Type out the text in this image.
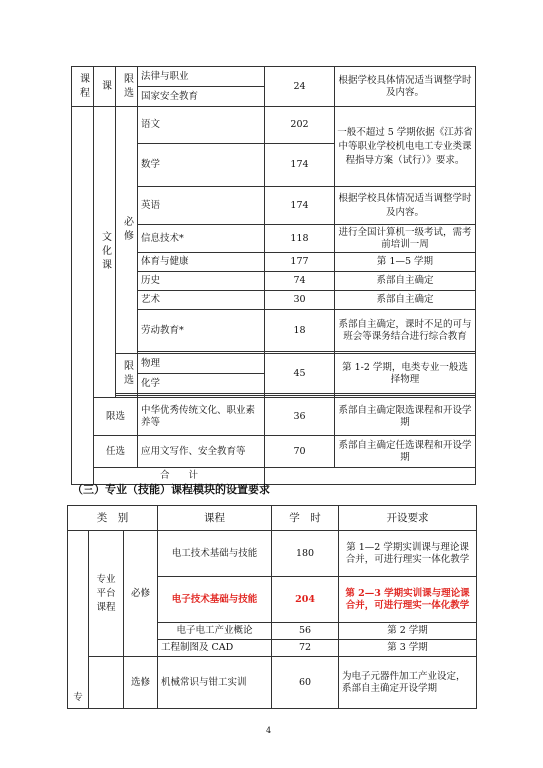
课程	课	限选	法律与职业	24	根据学校具体情况适当调整学时及内容。	
			国家安全教育			
	文化课	必修	语文	202	一般不超过 5 学期依据《江苏省中等职业学校机电电工专业类课程指导方案（试行）》要求。	
			数学	174		
			英语	174	根据学校具体情况适当调整学时及内容。	
			信息技术*	118	进行全国计算机一级考试，需考前培训一周	
			体育与健康	177	第 1—5 学期	
			历史	74	系部自主确定	
			艺术	30	系部自主确定	
			劳动教育*	18	系部自主确定，课时不足的可与班会等课务结合进行综合教育	

		限选	物理	45	第 1-2 学期，电类专业一般选择物理	
			化学			

	限选		中华优秀传统文化、职业素养等	36	系部自主确定限选课程和开设学期	
	任选		应用文写作、安全教育等	70	系部自主确定任选课程和开设学期	
	合　　计			
（三）专业（技能）课程模块的设置要求
类　别			课程	学　时	开设要求
专	专业平台课程	必修	电工技术基础与技能	180	第 1—2 学期实训课与理论课合并，可进行理实一体化教学
			电子技术基础与技能	204	第 2—3 学期实训课与理论课合并，可进行理实一体化教学
			电子电工产业概论	56	第 2 学期
			工程制图及 CAD	72	第 3 学期
		选修	机械常识与钳工实训	60	为电子元器件加工产业设定，系部自主确定开设学期
4
